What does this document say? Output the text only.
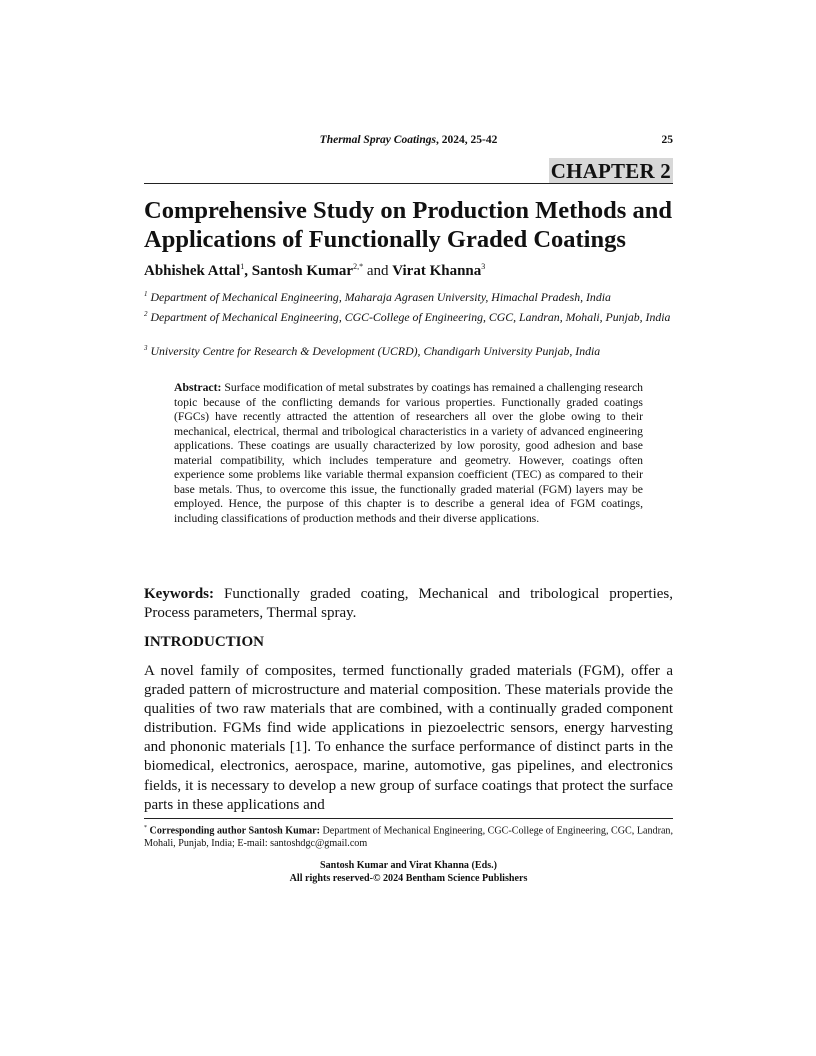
Thermal Spray Coatings, 2024, 25-42	25
CHAPTER 2
Comprehensive Study on Production Methods and
Applications of Functionally Graded Coatings
Abhishek Attal$^1$, Santosh Kumar$^{2,*}$ and Virat Khanna$^3$
$^1$ Department of Mechanical Engineering, Maharaja Agrasen University, Himachal Pradesh, India
$^2$ Department of Mechanical Engineering, CGC-College of Engineering, CGC, Landran, Mohali, Punjab, India
$^3$ University Centre for Research & Development (UCRD), Chandigarh University Punjab, India
Abstract: Surface modification of metal substrates by coatings has remained a challenging research topic because of the conflicting demands for various properties. Functionally graded coatings (FGCs) have recently attracted the attention of researchers all over the globe owing to their mechanical, electrical, thermal and tribological characteristics in a variety of advanced engineering applications. These coatings are usually characterized by low porosity, good adhesion and base material compatibility, which includes temperature and geometry. However, coatings often experience some problems like variable thermal expansion coefficient (TEC) as compared to their base metals. Thus, to overcome this issue, the functionally graded material (FGM) layers may be employed. Hence, the purpose of this chapter is to describe a general idea of FGM coatings, including classifications of production methods and their diverse applications.
Keywords: Functionally graded coating, Mechanical and tribological properties, Process parameters, Thermal spray.
INTRODUCTION
A novel family of composites, termed functionally graded materials (FGM), offer a graded pattern of microstructure and material composition. These materials provide the qualities of two raw materials that are combined, with a continually graded component distribution. FGMs find wide applications in piezoelectric sensors, energy harvesting and phononic materials [1]. To enhance the surface performance of distinct parts in the biomedical, electronics, aerospace, marine, automotive, gas pipelines, and electronics fields, it is necessary to develop a new group of surface coatings that protect the surface parts in these applications and
* Corresponding author Santosh Kumar: Department of Mechanical Engineering, CGC-College of Engineering, CGC, Landran, Mohali, Punjab, India; E-mail: santoshdgc@gmail.com
Santosh Kumar and Virat Khanna (Eds.)
All rights reserved-© 2024 Bentham Science Publishers
